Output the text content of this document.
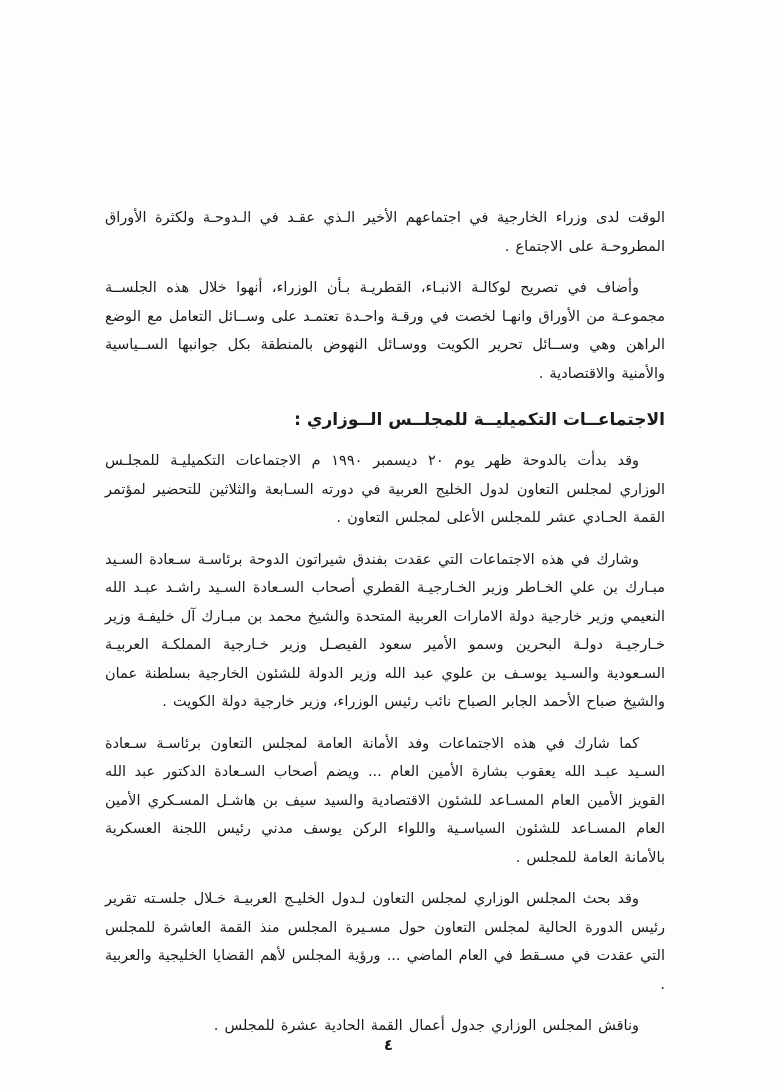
الوقت لدى وزراء الخارجية في اجتماعهم الأخير الـذي عقـد في الـدوحـة ولكثرة الأوراق المطروحـة على الاجتماع .

وأضاف في تصريح لوكالـة الانبـاء، القطريـة بـأن الوزراء، أنهوا خلال هذه الجلســة مجموعـة من الأوراق وانهـا لخصت في ورقـة واحـدة تعتمـد على وســائل التعامل مع الوضع الراهن وهي وســائل تحرير الكويت ووسـائل النهوض بالمنطقة بكل جوانبها الســياسية والأمنية والاقتصادية .

الاجتماعــات التكميليــة للمجلــس الــوزاري :

وقد بدأت بالدوحة ظهر يوم ٢٠ ديسمبر ١٩٩٠ م الاجتماعات التكميليـة للمجلـس الوزاري لمجلس التعاون لدول الخليج العربية في دورته السـابعة والثلاثين للتحضير لمؤتمر القمة الحـادي عشر للمجلس الأعلى لمجلس التعاون .

وشارك في هذه الاجتماعات التي عقدت بفندق شيراتون الدوحة برئاسـة سـعادة السـيد مبـارك بن علي الخـاطر وزير الخـارجيـة القطري أصحاب السـعادة السـيد راشـد عبـد الله النعيمي وزير خارجية دولة الامارات العربية المتحدة والشيخ محمد بن مبـارك آل خليفـة وزير خـارجيـة دولـة البحرين وسمو الأمير سعود الفيصـل وزير خـارجية المملكـة العربيـة السـعودية والسـيد يوسـف بن علوي عبد الله وزير الدولة للشئون الخارجية بسلطنة عمان والشيخ صباح الأحمد الجابر الصباح نائب رئيس الوزراء، وزير خارجية دولة الكويت .

كما شارك في هذه الاجتماعات وفد الأمانة العامة لمجلس التعاون برئاسـة سـعادة السـيد عبـد الله يعقوب بشارة الأمين العام ... ويضم أصحاب السـعادة الدكتور عبد الله القويز الأمين العام المسـاعد للشئون الاقتصادية والسيد سيف بن هاشـل المسـكري الأمين العام المسـاعد للشئون السياسـية واللواء الركن يوسف مدني رئيس اللجنة العسكرية بالأمانة العامة للمجلس .

وقد بحث المجلس الوزاري لمجلس التعاون لـدول الخليـج العربيـة خـلال جلسـته تقرير رئيس الدورة الحالية لمجلس التعاون حول مسـيرة المجلس منذ القمة العاشرة للمجلس التي عقدت في مسـقط في العام الماضي ... ورؤية المجلس لأهم القضايا الخليجية والعربية .

وناقش المجلس الوزاري جدول أعمال القمة الحادية عشرة للمجلس .

٤
